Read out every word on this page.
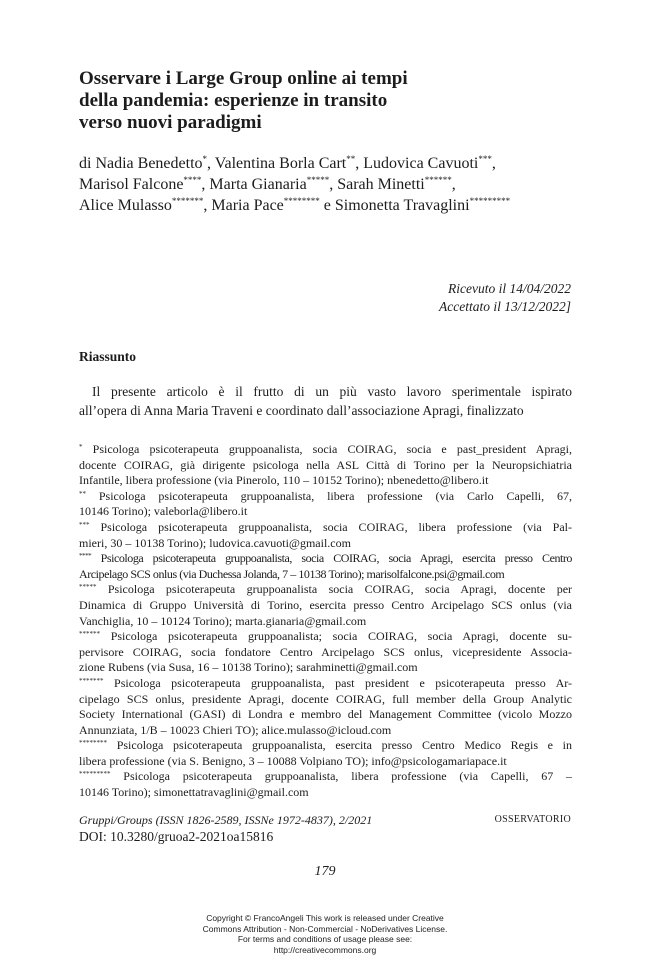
Osservare i Large Group online ai tempi
della pandemia: esperienze in transito
verso nuovi paradigmi
di Nadia Benedetto*, Valentina Borla Cart**, Ludovica Cavuoti***,
Marisol Falcone****, Marta Gianaria*****, Sarah Minetti******,
Alice Mulasso*******, Maria Pace******** e Simonetta Travaglini*********
Ricevuto il 14/04/2022
Accettato il 13/12/2022]
Riassunto
Il presente articolo è il frutto di un più vasto lavoro sperimentale ispirato
all’opera di Anna Maria Traveni e coordinato dall’associazione Apragi, finalizzato
* Psicologa psicoterapeuta gruppoanalista, socia COIRAG, socia e past_president Apragi,
docente COIRAG, già dirigente psicologa nella ASL Città di Torino per la Neuropsichiatria
Infantile, libera professione (via Pinerolo, 110 – 10152 Torino); nbenedetto@libero.it
** Psicologa psicoterapeuta gruppoanalista, libera professione (via Carlo Capelli, 67,
10146 Torino); valeborla@libero.it
*** Psicologa psicoterapeuta gruppoanalista, socia COIRAG, libera professione (via Pal-
mieri, 30 – 10138 Torino); ludovica.cavuoti@gmail.com
**** Psicologa psicoterapeuta gruppoanalista, socia COIRAG, socia Apragi, esercita presso Centro
Arcipelago SCS onlus (via Duchessa Jolanda, 7 – 10138 Torino); marisolfalcone.psi@gmail.com
***** Psicologa psicoterapeuta gruppoanalista socia COIRAG, socia Apragi, docente per
Dinamica di Gruppo Università di Torino, esercita presso Centro Arcipelago SCS onlus (via
Vanchiglia, 10 – 10124 Torino); marta.gianaria@gmail.com
****** Psicologa psicoterapeuta gruppoanalista; socia COIRAG, socia Apragi, docente su-
pervisore COIRAG, socia fondatore Centro Arcipelago SCS onlus, vicepresidente Associa-
zione Rubens (via Susa, 16 – 10138 Torino); sarahminetti@gmail.com
******* Psicologa psicoterapeuta gruppoanalista, past president e psicoterapeuta presso Ar-
cipelago SCS onlus, presidente Apragi, docente COIRAG, full member della Group Analytic
Society International (GASI) di Londra e membro del Management Committee (vicolo Mozzo
Annunziata, 1/B – 10023 Chieri TO); alice.mulasso@icloud.com
******** Psicologa psicoterapeuta gruppoanalista, esercita presso Centro Medico Regis e in
libera professione (via S. Benigno, 3 – 10088 Volpiano TO); info@psicologamariapace.it
********* Psicologa psicoterapeuta gruppoanalista, libera professione (via Capelli, 67 –
10146 Torino); simonettatravaglini@gmail.com
Gruppi/Groups (ISSN 1826-2589, ISSNe 1972-4837), 2/2021	OSSERVATORIO
DOI: 10.3280/gruoa2-2021oa15816
179
Copyright © FrancoAngeli This work is released under Creative
Commons Attribution - Non-Commercial - NoDerivatives License.
For terms and conditions of usage please see:
http://creativecommons.org
